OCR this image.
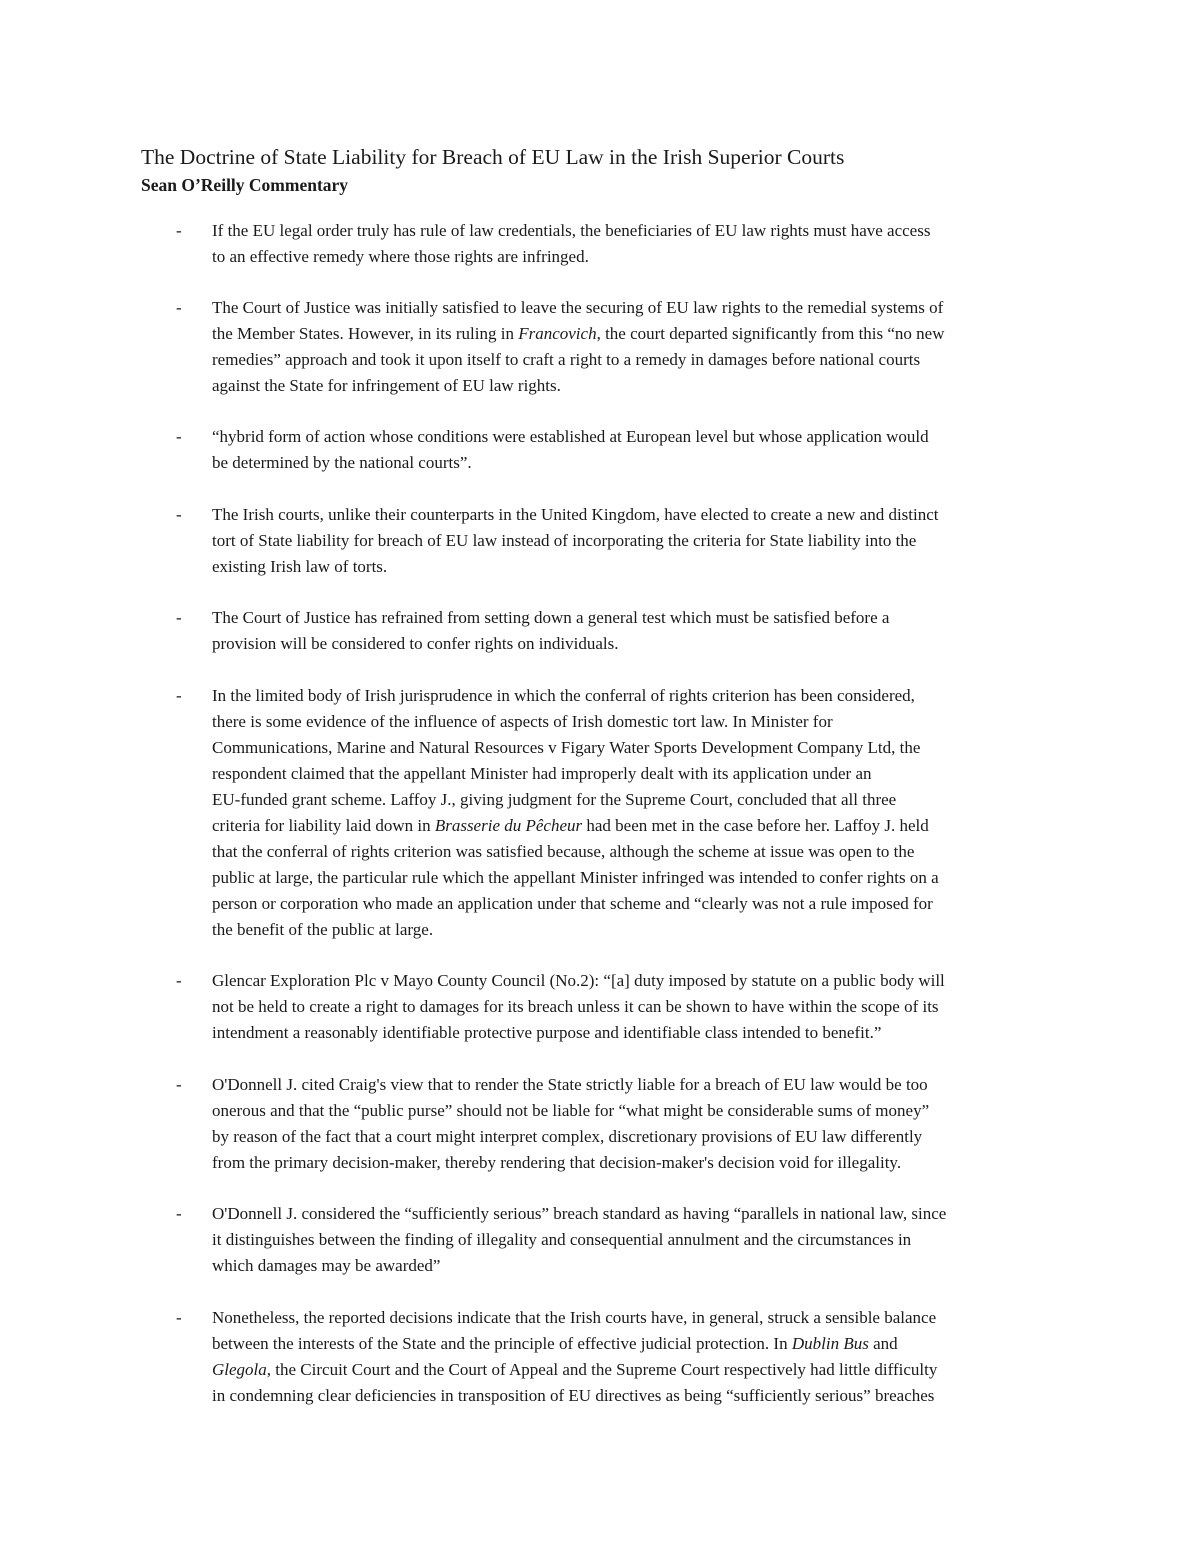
The Doctrine of State Liability for Breach of EU Law in the Irish Superior Courts

Sean O’Reilly Commentary

- If the EU legal order truly has rule of law credentials, the beneficiaries of EU law rights must have access
to an effective remedy where those rights are infringed.
- The Court of Justice was initially satisfied to leave the securing of EU law rights to the remedial systems of
the Member States. However, in its ruling in Francovich, the court departed significantly from this “no new
remedies” approach and took it upon itself to craft a right to a remedy in damages before national courts
against the State for infringement of EU law rights.
- “hybrid form of action whose conditions were established at European level but whose application would
be determined by the national courts”.
- The Irish courts, unlike their counterparts in the United Kingdom, have elected to create a new and distinct
tort of State liability for breach of EU law instead of incorporating the criteria for State liability into the
existing Irish law of torts.
- The Court of Justice has refrained from setting down a general test which must be satisfied before a
provision will be considered to confer rights on individuals.
- In the limited body of Irish jurisprudence in which the conferral of rights criterion has been considered,
there is some evidence of the influence of aspects of Irish domestic tort law. In Minister for
Communications, Marine and Natural Resources v Figary Water Sports Development Company Ltd, the
respondent claimed that the appellant Minister had improperly dealt with its application under an
EU-funded grant scheme. Laffoy J., giving judgment for the Supreme Court, concluded that all three
criteria for liability laid down in Brasserie du Pêcheur had been met in the case before her. Laffoy J. held
that the conferral of rights criterion was satisfied because, although the scheme at issue was open to the
public at large, the particular rule which the appellant Minister infringed was intended to confer rights on a
person or corporation who made an application under that scheme and “clearly was not a rule imposed for
the benefit of the public at large.
- Glencar Exploration Plc v Mayo County Council (No.2): “[a] duty imposed by statute on a public body will
not be held to create a right to damages for its breach unless it can be shown to have within the scope of its
intendment a reasonably identifiable protective purpose and identifiable class intended to benefit.”
- O'Donnell J. cited Craig's view that to render the State strictly liable for a breach of EU law would be too
onerous and that the “public purse” should not be liable for “what might be considerable sums of money”
by reason of the fact that a court might interpret complex, discretionary provisions of EU law differently
from the primary decision-maker, thereby rendering that decision-maker's decision void for illegality.
- O'Donnell J. considered the “sufficiently serious” breach standard as having “parallels in national law, since
it distinguishes between the finding of illegality and consequential annulment and the circumstances in
which damages may be awarded”
- Nonetheless, the reported decisions indicate that the Irish courts have, in general, struck a sensible balance
between the interests of the State and the principle of effective judicial protection. In Dublin Bus and
Glegola, the Circuit Court and the Court of Appeal and the Supreme Court respectively had little difficulty
in condemning clear deficiencies in transposition of EU directives as being “sufficiently serious” breaches
